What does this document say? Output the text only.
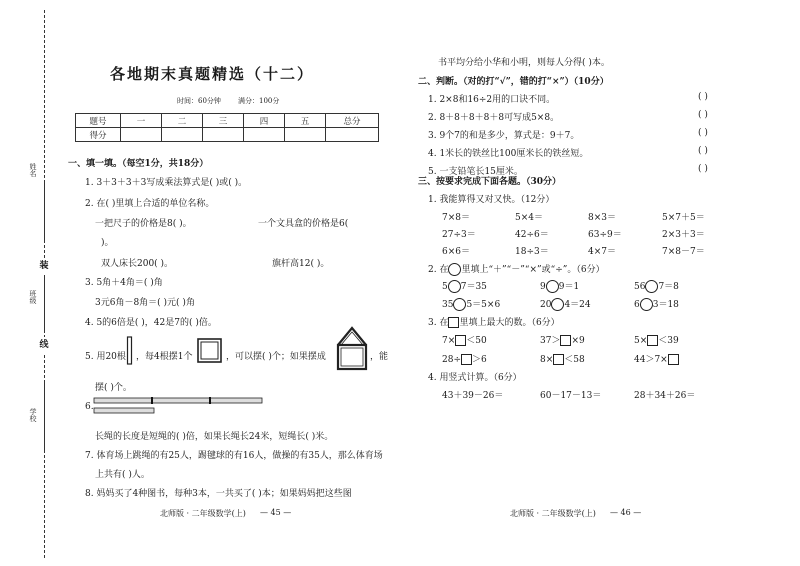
装
线
姓名
班级
学校
各地期末真题精选（十二）
时间：60分钟 满分：100分
题号	一	二	三	四	五	总分
得分						
一、填一填。（每空1分，共18分）
1. 3＋3＋3＋3写成乘法算式是( )或( )。
2. 在( )里填上合适的单位名称。
一把尺子的价格是8( )。	一个文具盒的价格是6(
)。
双人床长200( )。	旗杆高12( )。
3. 5角＋4角＝( )角
3元6角－8角＝( )元( )角
4. 5的6倍是( )，42是7的( )倍。
5. 用20根 ，每4根摆1个	，可以摆( )个；如果摆成	，能
摆( )个。
6.
长绳的长度是短绳的( )倍，如果长绳长24米，短绳长( )米。
7. 体育场上跳绳的有25人，踢毽球的有16人，做操的有35人，那么体育场
上共有( )人。
8. 妈妈买了4种图书，每种3本，一共买了( )本；如果妈妈把这些图
北师版 · 二年级数学(上) — 45 —
书平均分给小华和小明，则每人分得( )本。
二、判断。（对的打“√”，错的打“×”）（10分）
1. 2×8和16÷2用的口诀不同。
2. 8＋8＋8＋8＋8可写成5×8。
3. 9个7的和是多少，算式是：9＋7。
4. 1米长的铁丝比100厘米长的铁丝短。
5. 一支铅笔长15厘米。
( )
( )
( )
( )
( )
三、按要求完成下面各题。（30分）
1. 我能算得又对又快。（12分）
7×8＝	5×4＝	8×3＝	5×7＋5＝
27÷3＝	42÷6＝	63÷9＝	2×3＋3＝
6×6＝	18÷3＝	4×7＝	7×8－7＝
2. 在 里填上“＋”“－”“×”或“÷”。（6分）
5 7＝35	9 9＝1	56 7＝8
35 5＝5×6	20 4＝24	6 3＝18
3. 在 里填上最大的数。（6分）
7× ＜50	37＞ ×9	5× ＜39
28÷ ＞6	8× ＜58	44＞7×
4. 用竖式计算。（6分）
43＋39－26＝	60－17－13＝	28＋34＋26＝
北师版 · 二年级数学(上) — 46 —
